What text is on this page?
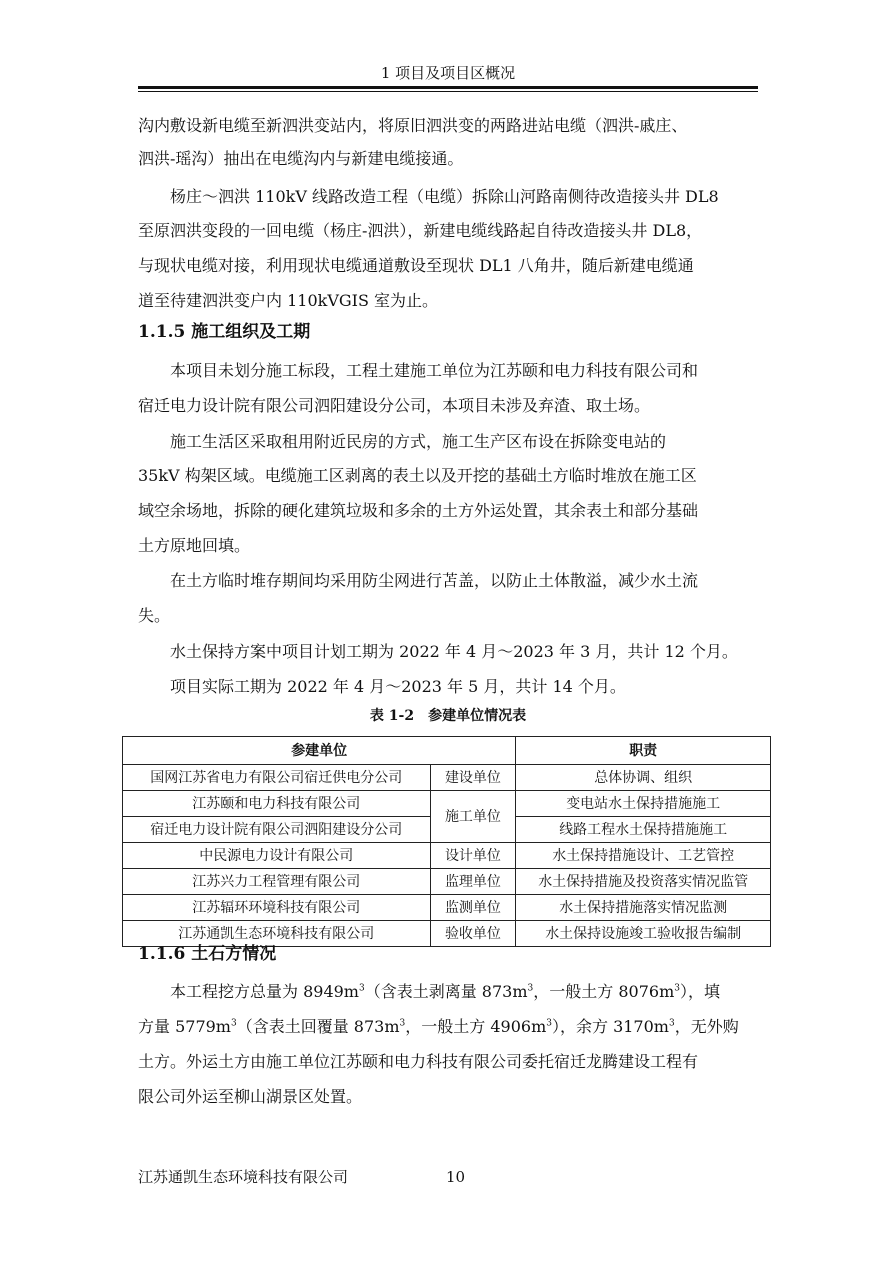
1 项目及项目区概况

沟内敷设新电缆至新泗洪变站内，将原旧泗洪变的两路进站电缆（泗洪-戚庄、

泗洪-瑶沟）抽出在电缆沟内与新建电缆接通。

杨庄～泗洪 110kV 线路改造工程（电缆）拆除山河路南侧待改造接头井 DL8

至原泗洪变段的一回电缆（杨庄-泗洪），新建电缆线路起自待改造接头井 DL8，

与现状电缆对接，利用现状电缆通道敷设至现状 DL1 八角井，随后新建电缆通

道至待建泗洪变户内 110kVGIS 室为止。

1.1.5 施工组织及工期

本项目未划分施工标段，工程土建施工单位为江苏颐和电力科技有限公司和

宿迁电力设计院有限公司泗阳建设分公司，本项目未涉及弃渣、取土场。

施工生活区采取租用附近民房的方式，施工生产区布设在拆除变电站的

35kV 构架区域。电缆施工区剥离的表土以及开挖的基础土方临时堆放在施工区

域空余场地，拆除的硬化建筑垃圾和多余的土方外运处置，其余表土和部分基础

土方原地回填。

在土方临时堆存期间均采用防尘网进行苫盖，以防止土体散溢，减少水土流

失。

水土保持方案中项目计划工期为 2022 年 4 月～2023 年 3 月，共计 12 个月。

项目实际工期为 2022 年 4 月～2023 年 5 月，共计 14 个月。

表 1-2　参建单位情况表
参建单位		职责
国网江苏省电力有限公司宿迁供电分公司	建设单位	总体协调、组织
江苏颐和电力科技有限公司	施工单位	变电站水土保持措施施工
宿迁电力设计院有限公司泗阳建设分公司		线路工程水土保持措施施工
中民源电力设计有限公司	设计单位	水土保持措施设计、工艺管控
江苏兴力工程管理有限公司	监理单位	水土保持措施及投资落实情况监管
江苏辐环环境科技有限公司	监测单位	水土保持措施落实情况监测
江苏通凯生态环境科技有限公司	验收单位	水土保持设施竣工验收报告编制
1.1.6 土石方情况

本工程挖方总量为 $8949m^3$（含表土剥离量 $873m^3$，一般土方 $8076m^3$），填

方量 $5779m^3$（含表土回覆量 $873m^3$，一般土方 $4906m^3$），余方 $3170m^3$，无外购

土方。外运土方由施工单位江苏颐和电力科技有限公司委托宿迁龙腾建设工程有

限公司外运至柳山湖景区处置。

江苏通凯生态环境科技有限公司	10
